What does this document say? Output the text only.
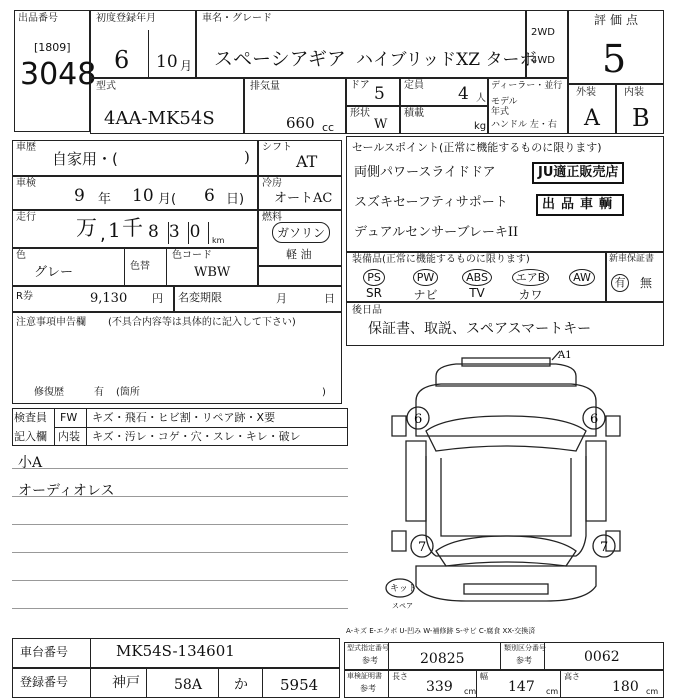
出品番号
[1809]
3048
初度登録年月
6 10 月
車名・グレード
スペーシアギア ハイブリッドXZ ターボ
2WD
4WD
評価点
5
型式
4AA-MK54S
排気量
660 cc
ドア 5 定員 4 人
形状
W
積載
kg
ディーラー・並行
モデル
年式
ハンドル 左・右
外装
A
内装
B
車歴
自家用・(	)
シフト
AT
車検
9 年 10 月( 6 日)
冷房
オートAC
走行 万 , 1 千 830 km
燃料
ガソリン
軽 油
色
グレー	色替
色コード
WBW
R券	9,130 円 名変期限	月	日
注意事項申告欄 (不具合内容等は具体的に記入して下さい)
修復歴	有 (箇所	)
検査員
記入欄
FW キズ・飛石・ヒビ割・リペア跡・X要
内装 キズ・汚レ・コゲ・穴・スレ・キレ・破レ
小A
オーディオレス
セールスポイント(正常に機能するものに限ります)
両側パワースライドドア
スズキセーフティサポート
デュアルセンサーブレーキII
JU適正販売店
出品車輌
装備品(正常に機能するものに限ります)
PS
SR
PW
ナビ
ABS
TV
エアB
カワ
AW
新車保証書
有 無
後日品
保証書、取説、スペアスマートキー
A1
6	6
7	7
キット
スペア
A-キズ E-エクボ U-凹み W-補修跡 S-サビ C-腐食 XX-交換済
車台番号	MK54S-134601
登録番号	神戸 58A か 5954
型式指定番号
参考	20825
類別区分番号
参考	0062
車検証明書
参考
長さ
339 cm
幅
147 cm
高さ
180 cm
